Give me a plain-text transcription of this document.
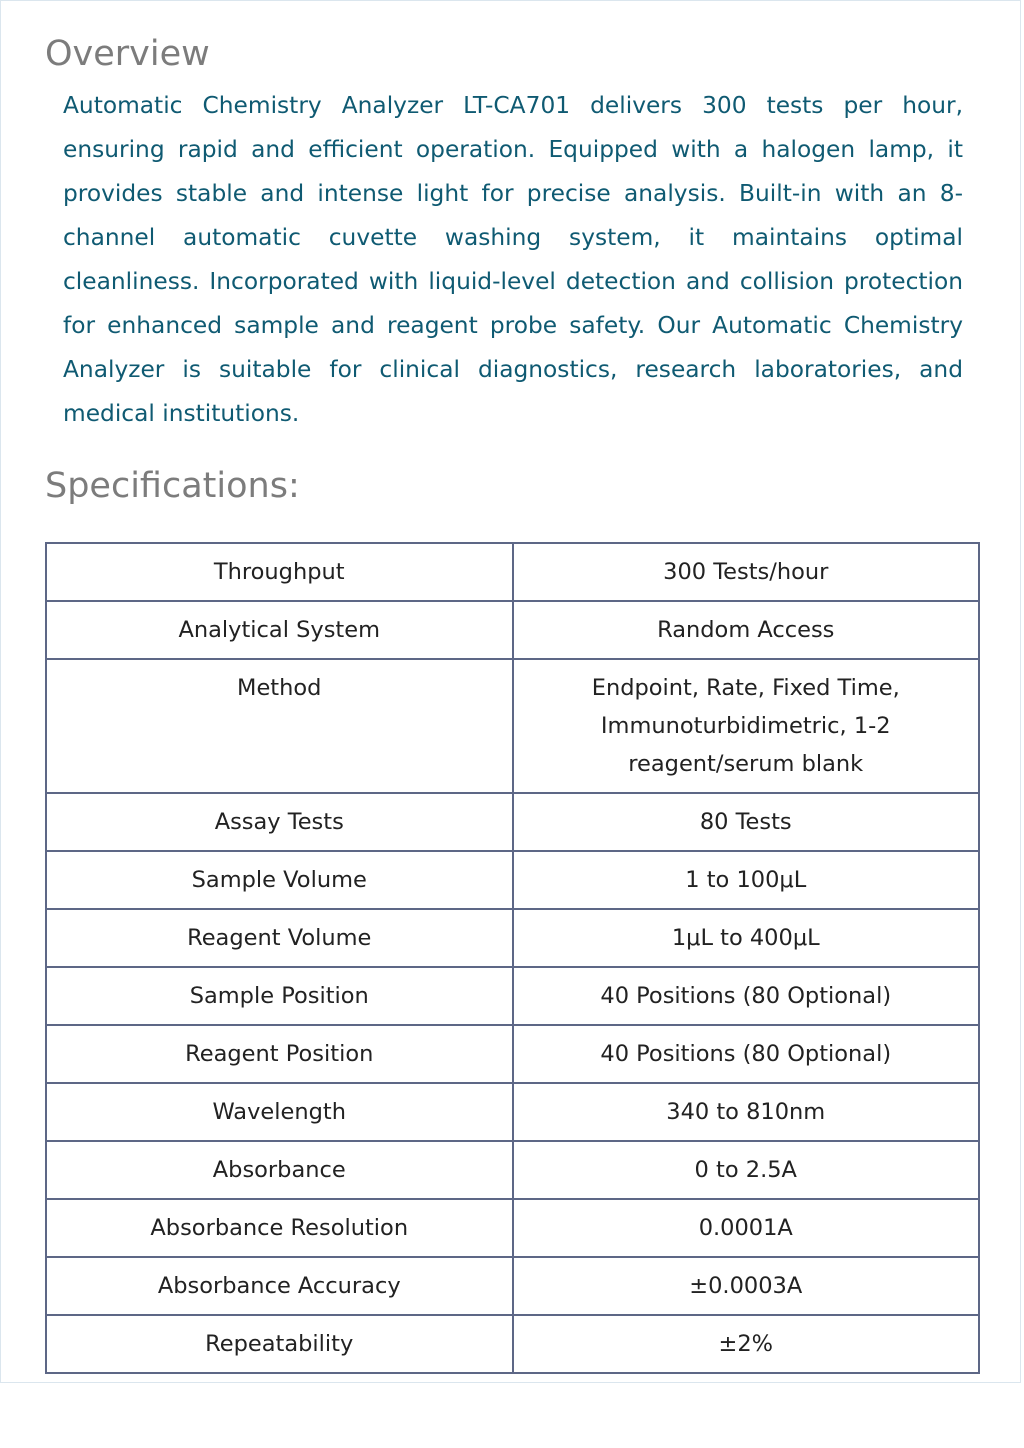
Overview

Automatic Chemistry Analyzer LT-CA701 delivers 300 tests per hour, ensuring rapid and efficient operation. Equipped with a halogen lamp, it provides stable and intense light for precise analysis. Built-in with an 8-channel automatic cuvette washing system, it maintains optimal cleanliness. Incorporated with liquid-level detection and collision protection for enhanced sample and reagent probe safety. Our Automatic Chemistry Analyzer is suitable for clinical diagnostics, research laboratories, and medical institutions.

Specifications:
Throughput	300 Tests/hour
Analytical System	Random Access
Method	Endpoint, Rate, Fixed Time, Immunoturbidimetric, 1-2 reagent/serum blank
Assay Tests	80 Tests
Sample Volume	1 to 100μL
Reagent Volume	1μL to 400μL
Sample Position	40 Positions (80 Optional)
Reagent Position	40 Positions (80 Optional)
Wavelength	340 to 810nm
Absorbance	0 to 2.5A
Absorbance Resolution	0.0001A
Absorbance Accuracy	±0.0003A
Repeatability	±2%
